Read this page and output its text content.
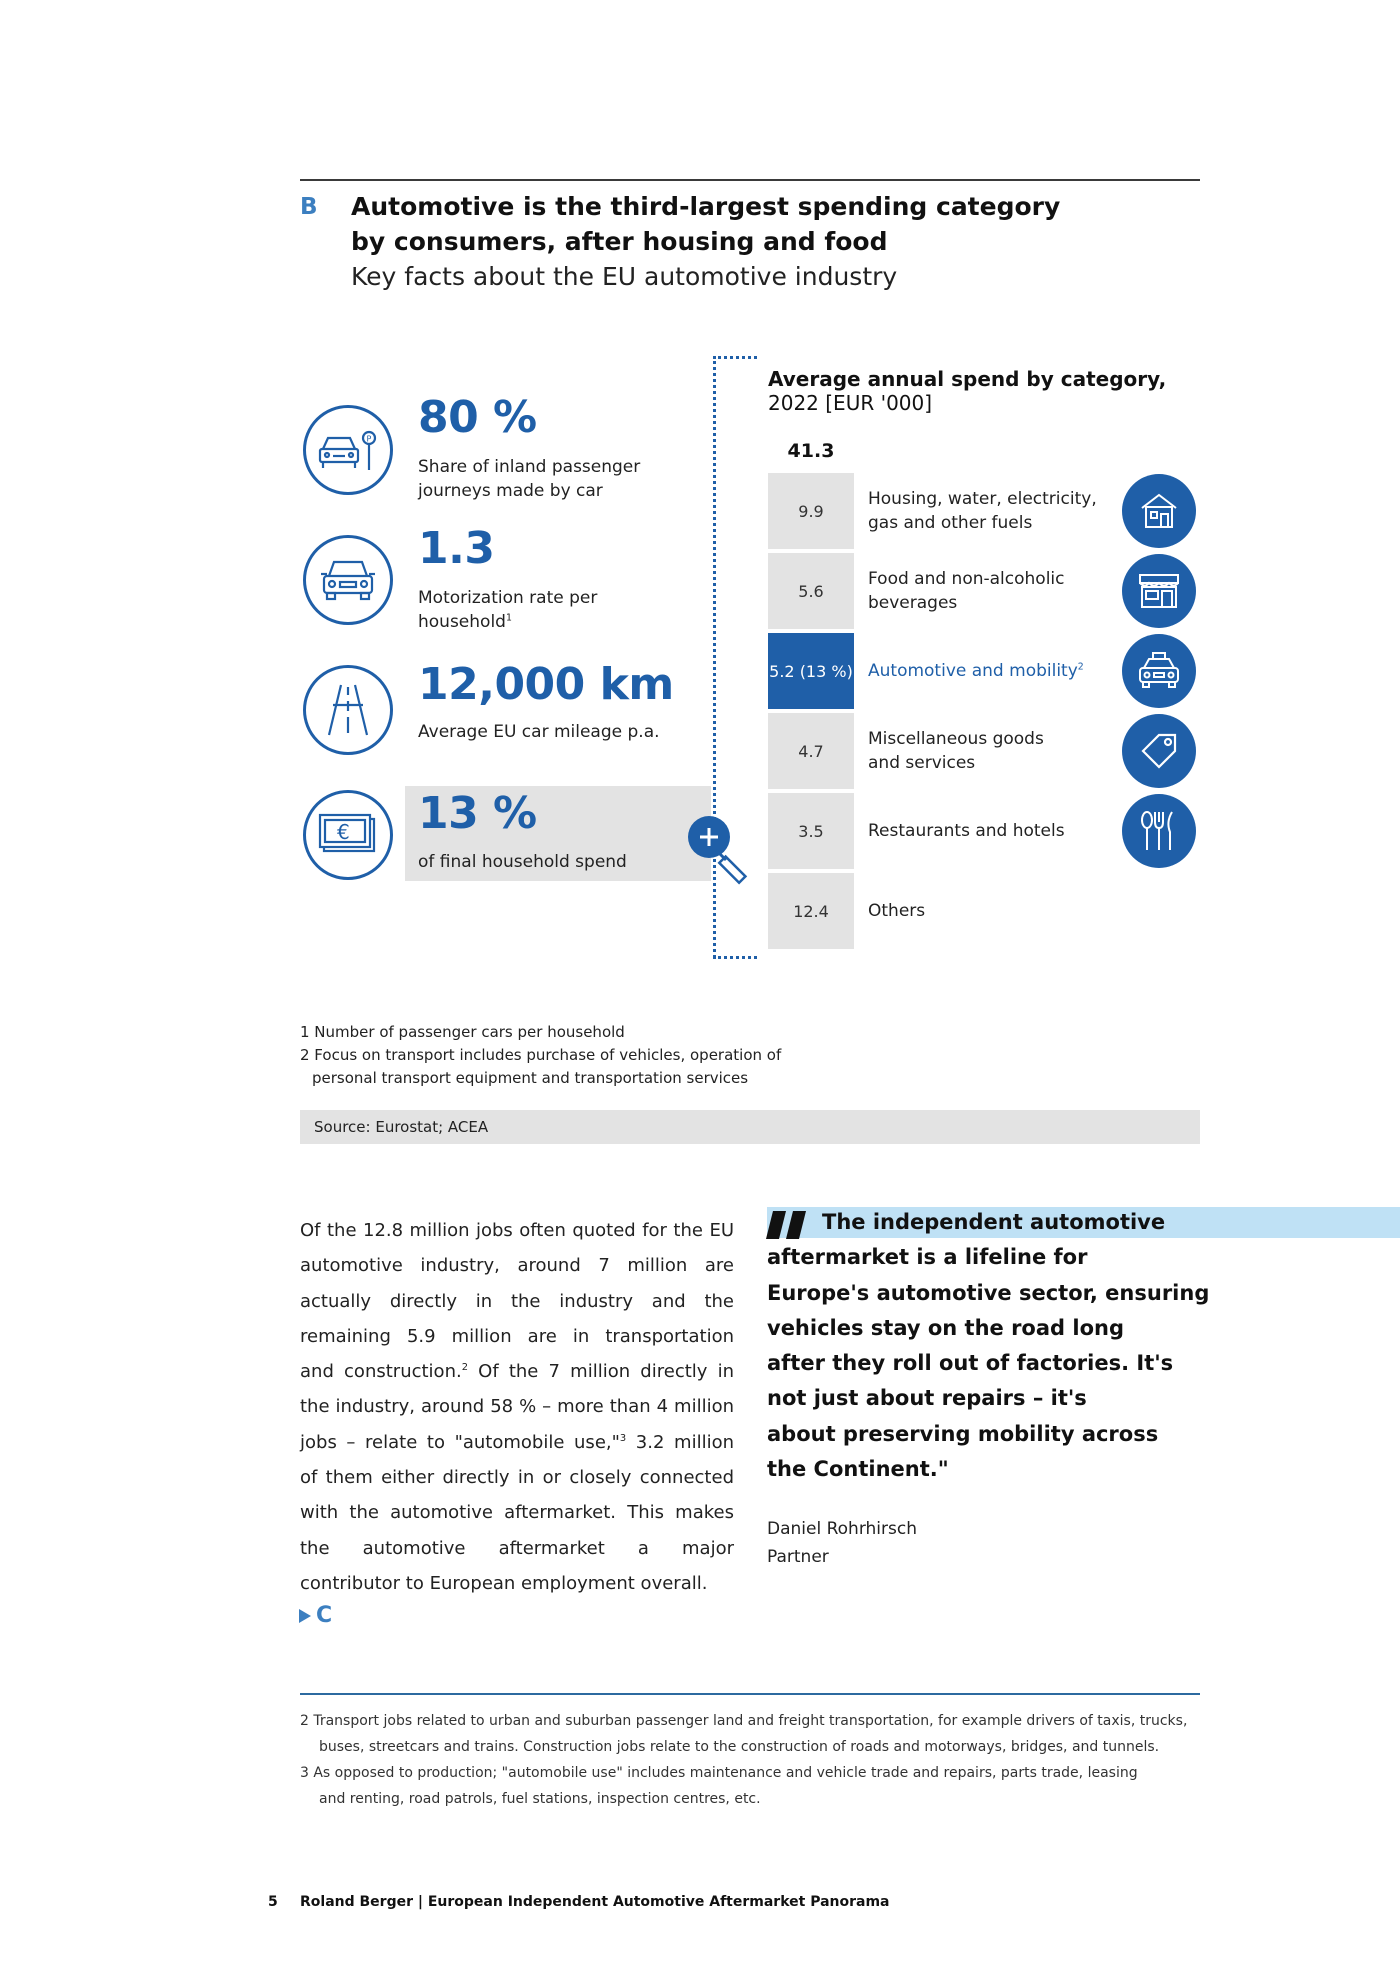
B Automotive is the third-largest spending category
by consumers, after housing and food
Key facts about the EU automotive industry
P 80 %
Share of inland passenger
journeys made by car
1.3
Motorization rate per
household$^1$
12,000 km
Average EU car mileage p.a.
€ 13 %
of final household spend
Average annual spend by category,
2022 [EUR '000]
41.3
9.9
Housing, water, electricity,
gas and other fuels
5.6
Food and non-alcoholic
beverages
5.2 (13 %) Automotive and mobility$^2$
4.7
Miscellaneous goods
and services
3.5	Restaurants and hotels
12.4	Others
1 Number of passenger cars per household
2 Focus on transport includes purchase of vehicles, operation of
personal transport equipment and transportation services
Source: Eurostat; ACEA
Of the 12.8 million jobs often quoted for the EU
automotive industry, around 7 million are
actually directly in the industry and the
remaining 5.9 million are in transportation
and construction.$^2$ Of the 7 million directly in
the industry, around 58 % – more than 4 million
jobs – relate to "automobile use,"$^3$ 3.2 million
of them either directly in or closely connected
with the automotive aftermarket. This makes
the automotive aftermarket a major
contributor to European employment overall.
C
The independent automotive
aftermarket is a lifeline for
Europe's automotive sector, ensuring
vehicles stay on the road long
after they roll out of factories. It's
not just about repairs – it's
about preserving mobility across
the Continent."
Daniel Rohrhirsch
Partner
2 Transport jobs related to urban and suburban passenger land and freight transportation, for example drivers of taxis, trucks,
buses, streetcars and trains. Construction jobs relate to the construction of roads and motorways, bridges, and tunnels.
3 As opposed to production; "automobile use" includes maintenance and vehicle trade and repairs, parts trade, leasing
and renting, road patrols, fuel stations, inspection centres, etc.
5 Roland Berger | European Independent Automotive Aftermarket Panorama
